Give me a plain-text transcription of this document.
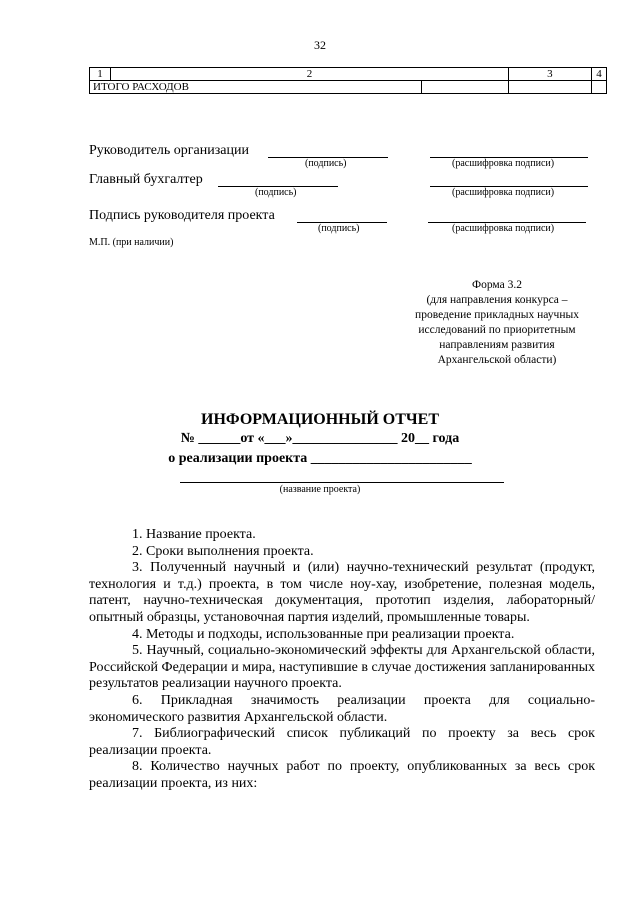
32
1	2		3	4
ИТОГО РАСХОДОВ				
Руководитель организации
(подпись)	(расшифровка подписи)
Главный бухгалтер
(подпись)	(расшифровка подписи)
Подпись руководителя проекта
(подпись)	(расшифровка подписи)
М.П. (при наличии)
Форма 3.2
(для направления конкурса –
проведение прикладных научных
исследований по приоритетным
направлениям развития
Архангельской области)
ИНФОРМАЦИОННЫЙ ОТЧЕТ
№ ______от «___»_______________ 20__ года
о реализации проекта _______________________
(название проекта)

1. Название проекта.

2. Сроки выполнения проекта.

3. Полученный научный и (или) научно-технический результат (продукт, технология и т.д.) проекта, в том числе ноу-хау, изобретение, полезная модель, патент, научно-техническая документация, прототип изделия, лабораторный/опытный образцы, установочная партия изделий, промышленные товары.

4. Методы и подходы, использованные при реализации проекта.

5. Научный, социально-экономический эффекты для Архангельской области, Российской Федерации и мира, наступившие в случае достижения запланированных результатов реализации научного проекта.

6. Прикладная значимость реализации проекта для социально-экономического развития Архангельской области.

7. Библиографический список публикаций по проекту за весь срок реализации проекта.

8. Количество научных работ по проекту, опубликованных за весь срок реализации проекта, из них:
